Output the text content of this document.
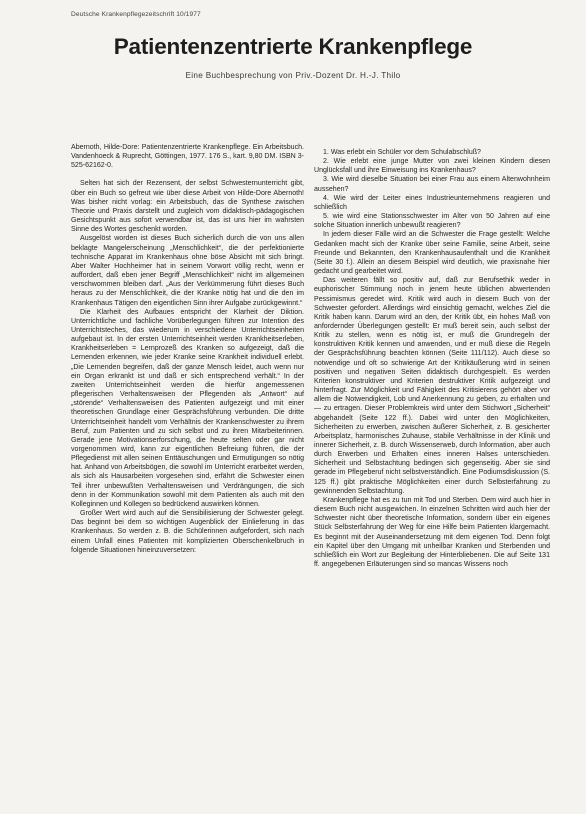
Deutsche Krankenpflegezeitschrift 10/1977
Patientenzentrierte Krankenpflege
Eine Buchbesprechung von Priv.-Dozent Dr. H.-J. Thilo

Abernoth, Hilde-Dore: Patientenzentrierte Krankenpflege. Ein Arbeitsbuch. Vandenhoeck & Ruprecht, Göttingen, 1977. 176 S., kart. 9,80 DM. ISBN 3-525-62162-0.

Selten hat sich der Rezensent, der selbst Schwesternunterricht gibt, über ein Buch so gefreut wie über diese Arbeit von Hilde-Dore Abernoth! Was bisher nicht vorlag: ein Arbeitsbuch, das die Synthese zwischen Theorie und Praxis darstellt und zugleich vom didaktisch-pädagogischen Gesichtspunkt aus sofort verwendbar ist, das ist uns hier im wahrsten Sinne des Wortes geschenkt worden.

Ausgelöst worden ist dieses Buch sicherlich durch die von uns allen beklagte Mangelerscheinung „Menschlichkeit“, die der perfektionierte technische Apparat im Krankenhaus ohne böse Absicht mit sich bringt. Aber Walter Hochheimer hat in seinem Vorwort völlig recht, wenn er auffordert, daß eben jener Begriff „Menschlichkeit“ nicht im allgemeinen verschwommen bleiben darf. „Aus der Verkümmerung führt dieses Buch heraus zu der Menschlichkeit, die der Kranke nötig hat und die den im Krankenhaus Tätigen den eigentlichen Sinn ihrer Aufgabe zurückgewinnt.“

Die Klarheit des Aufbaues entspricht der Klarheit der Diktion. Unterrichtliche und fachliche Vorüberlegungen führen zur Intention des Unterrichtsteches, das wiederum in verschiedene Unterrichtseinheiten aufgebaut ist. In der ersten Unterrichtseinheit werden Krankheitserleben, Krankheitserleben = Lernprozeß des Kranken so aufgezeigt, daß die Lernenden erkennen, wie jeder Kranke seine Krankheit individuell erlebt. „Die Lernenden begreifen, daß der ganze Mensch leidet, auch wenn nur ein Organ erkrankt ist und daß er sich entsprechend verhält.“ In der zweiten Unterrichtseinheit werden die hierfür angemessenen pflegerischen Verhaltensweisen der Pflegenden als „Antwort“ auf „störende“ Verhaltensweisen des Patienten aufgezeigt und mit einer theoretischen Grundlage einer Gesprächsführung verbunden. Die dritte Unterrichtseinheit handelt vom Verhältnis der Krankenschwester zu ihrem Beruf, zum Patienten und zu sich selbst und zu ihren Mitarbeiterinnen. Gerade jene Motivationserforschung, die heute selten oder gar nicht vorgenommen wird, kann zur eigentlichen Befreiung führen, die der Pflegedienst mit allen seinen Enttäuschungen und Ermutigungen so nötig hat. Anhand von Arbeitsbögen, die sowohl im Unterricht erarbeitet werden, als sich als Hausarbeiten vorgesehen sind, erfährt die Schwester einen Teil ihrer unbewußten Verhaltensweisen und Verdrängungen, die sich denn in der Kommunikation sowohl mit dem Patienten als auch mit den Kolleginnen und Kollegen so bedrückend auswirken können.

Großer Wert wird auch auf die Sensibilisierung der Schwester gelegt. Das beginnt bei dem so wichtigen Augenblick der Einlieferung in das Krankenhaus. So werden z. B. die Schülerinnen aufgefordert, sich nach einem Unfall eines Patienten mit komplizierten Oberschenkelbruch in folgende Situationen hineinzuversetzen:

1. Was erlebt ein Schüler vor dem Schulabschluß?

2. Wie erlebt eine junge Mutter von zwei kleinen Kindern diesen Unglücksfall und ihre Einweisung ins Krankenhaus?

3. Wie wird dieselbe Situation bei einer Frau aus einem Altenwohnheim aussehen?

4. Wie wird der Leiter eines Industrieunternehmens reagieren und schließlich

5. wie wird eine Stationsschwester im Alter von 50 Jahren auf eine solche Situation innerlich unbewußt reagieren?

In jedem dieser Fälle wird an die Schwester die Frage gestellt: Welche Gedanken macht sich der Kranke über seine Familie, seine Arbeit, seine Freunde und Bekannten, den Krankenhausaufenthalt und die Krankheit (Seite 30 f.). Allein an diesem Beispiel wird deutlich, wie praxisnahe hier gedacht und gearbeitet wird.

Das weiteren fällt so positiv auf, daß zur Berufsethik weder in euphorischer Stimmung noch in jenem heute üblichen abwertenden Pessimismus geredet wird. Kritik wird auch in diesem Buch von der Schwester gefordert. Allerdings wird einsichtig gemacht, welches Ziel die Kritik haben kann. Darum wird an den, der Kritik übt, ein hohes Maß von anfordernder Überlegungen gestellt: Er muß bereit sein, auch selbst der Kritik zu stellen, wenn es nötig ist, er muß die Grundregeln der konstruktiven Kritik kennen und anwenden, und er muß diese die Regeln der Gesprächsführung beachten können (Seite 111/112). Auch diese so notwendige und oft so schwierige Art der Kritikäußerung wird in seinen positiven und negativen Seiten didaktisch durchgespielt. Es werden Kriterien konstruktiver und Kriterien destruktiver Kritik aufgezeigt und hinterfragt. Zur Möglichkeit und Fähigkeit des Kritisierens gehört aber vor allem die Notwendigkeit, Lob und Anerkennung zu geben, zu erhalten und — zu ertragen. Dieser Problemkreis wird unter dem Stichwort „Sicherheit“ abgehandelt (Seite 122 ff.). Dabei wird unter den Möglichkeiten, Sicherheiten zu erwerben, zwischen äußerer Sicherheit, z. B. gesicherter Arbeitsplatz, harmonisches Zuhause, stabile Verhältnisse in der Klinik und innerer Sicherheit, z. B. durch Wissenserweb, durch Information, aber auch durch Erwerben und Erhalten eines inneren Halses unterschieden. Sicherheit und Selbstachtung bedingen sich gegenseitig. Aber sie sind gerade im Pflegeberuf nicht selbstverständlich. Eine Podiumsdiskussion (S. 125 ff.) gibt praktische Möglichkeiten einer durch Selbsterfahrung zu gewinnenden Selbstachtung.

Krankenpflege hat es zu tun mit Tod und Sterben. Dem wird auch hier in diesem Buch nicht ausgewichen. In einzelnen Schritten wird auch hier der Schwester nicht über theoretische Information, sondern über ein eigenes Stück Selbsterfahrung der Weg für eine Hilfe beim Patienten klargemacht. Es beginnt mit der Auseinandersetzung mit dem eigenen Tod. Denn folgt ein Kapitel über den Umgang mit unheilbar Kranken und Sterbenden und schließlich ein Wort zur Begleitung der Hinterbliebenen. Die auf Seite 131 ff. angegebenen Erläuterungen sind so mancas Wissens noch
